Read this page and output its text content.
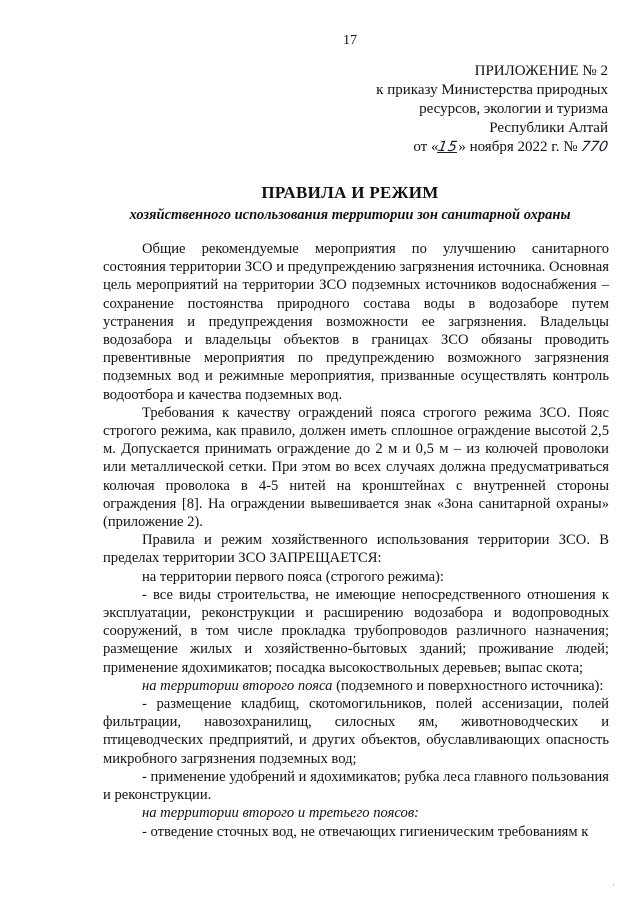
17
ПРИЛОЖЕНИЕ № 2
к приказу Министерства природных
ресурсов, экологии и туризма
Республики Алтай
от «15» ноября 2022 г. № 770
ПРАВИЛА И РЕЖИМ
хозяйственного использования территории зон санитарной охраны

Общие рекомендуемые мероприятия по улучшению санитарного состояния территории ЗСО и предупреждению загрязнения источника. Основная цель мероприятий на территории ЗСО подземных источников водоснабжения – сохранение постоянства природного состава воды в водозаборе путем устранения и предупреждения возможности ее загрязнения. Владельцы водозабора и владельцы объектов в границах ЗСО обязаны проводить превентивные мероприятия по предупреждению возможного загрязнения подземных вод и режимные мероприятия, призванные осуществлять контроль водоотбора и качества подземных вод.

Требования к качеству ограждений пояса строгого режима ЗСО. Пояс строгого режима, как правило, должен иметь сплошное ограждение высотой 2,5 м. Допускается принимать ограждение до 2 м и 0,5 м – из колючей проволоки или металлической сетки. При этом во всех случаях должна предусматриваться колючая проволока в 4-5 нитей на кронштейнах с внутренней стороны ограждения [8]. На ограждении вывешивается знак «Зона санитарной охраны» (приложение 2).

Правила и режим хозяйственного использования территории ЗСО. В пределах территории ЗСО ЗАПРЕЩАЕТСЯ:

на территории первого пояса (строгого режима):

- все виды строительства, не имеющие непосредственного отношения к эксплуатации, реконструкции и расширению водозабора и водопроводных сооружений, в том числе прокладка трубопроводов различного назначения; размещение жилых и хозяйственно-бытовых зданий; проживание людей; применение ядохимикатов; посадка высокоствольных деревьев; выпас скота;

на территории второго пояса (подземного и поверхностного источника):

- размещение кладбищ, скотомогильников, полей ассенизации, полей фильтрации, навозохранилищ, силосных ям, животноводческих и птицеводческих предприятий, и других объектов, обуславливающих опасность микробного загрязнения подземных вод;

- применение удобрений и ядохимикатов; рубка леса главного пользования и реконструкции.

на территории второго и третьего поясов:

- отведение сточных вод, не отвечающих гигиеническим требованиям к

·
